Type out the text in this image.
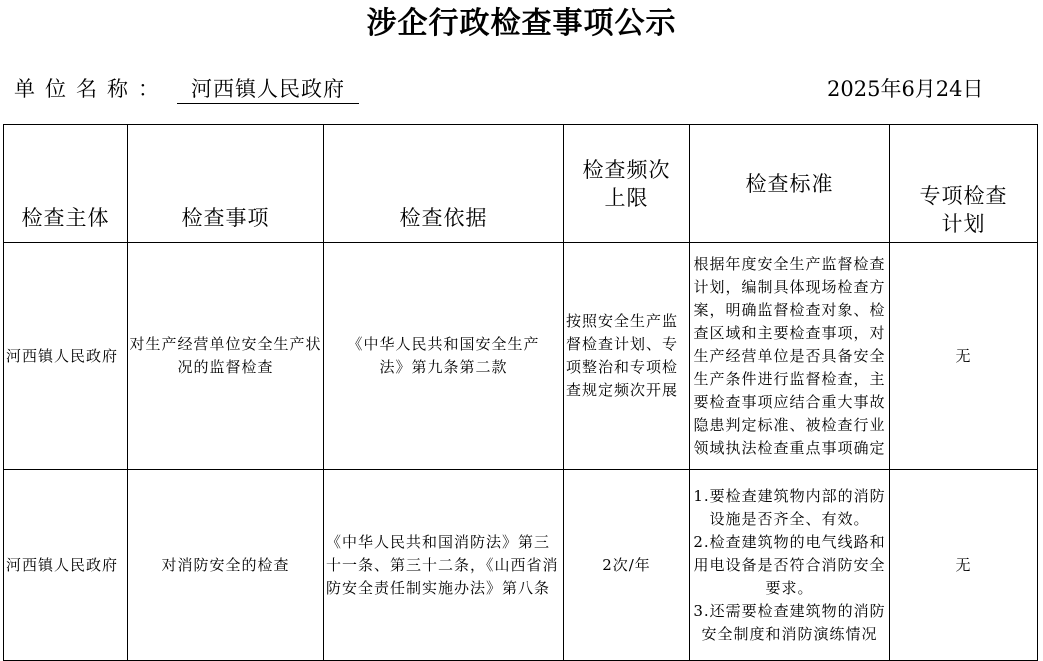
涉企行政检查事项公示
单位名称： 河西镇人民政府	2025年6月24日
检查主体	检查事项	检查依据	检查频次上限	检查标准	专项检查计划
河西镇人民政府	对生产经营单位安全生产状况的监督检查	《中华人民共和国安全生产法》第九条第二款	按照安全生产监督检查计划、专项整治和专项检查规定频次开展	根据年度安全生产监督检查计划，编制具体现场检查方案，明确监督检查对象、检查区域和主要检查事项，对生产经营单位是否具备安全生产条件进行监督检查，主要检查事项应结合重大事故隐患判定标准、被检查行业领域执法检查重点事项确定	无
河西镇人民政府	对消防安全的检查	《中华人民共和国消防法》第三十一条、第三十二条，《山西省消防安全责任制实施办法》第八条	2次/年	1.要检查建筑物内部的消防设施是否齐全、有效。
2.检查建筑物的电气线路和用电设备是否符合消防安全要求。
3.还需要检查建筑物的消防安全制度和消防演练情况	无
